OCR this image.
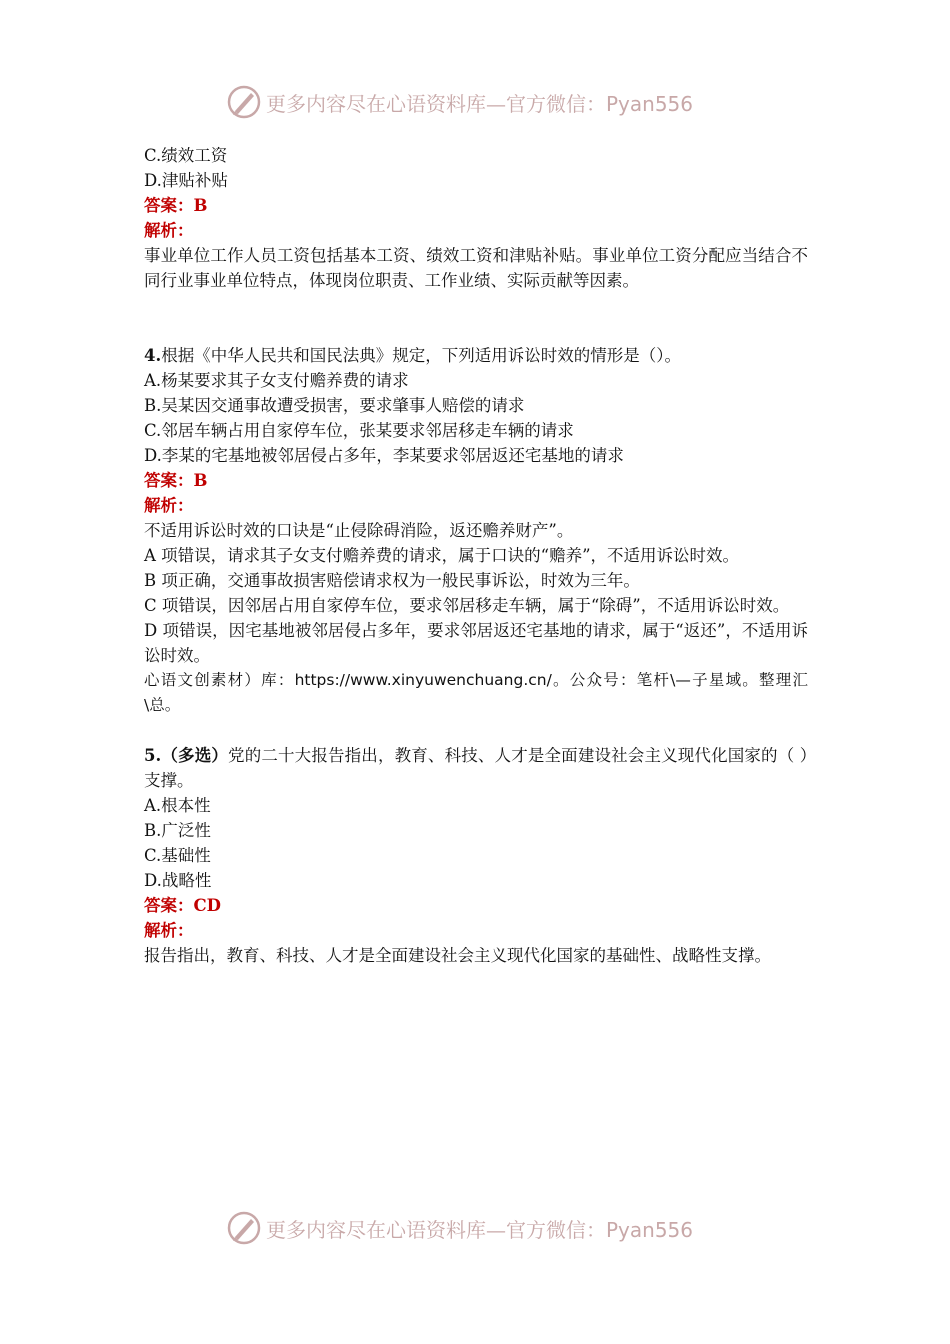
更多内容尽在心语资料库—官方微信：Pyan556
C.绩效工资
D.津贴补贴
答案：B
解析：
事业单位工作人员工资包括基本工资、绩效工资和津贴补贴。事业单位工资分配应当结合不同行业事业单位特点，体现岗位职责、工作业绩、实际贡献等因素。
4.根据《中华人民共和国民法典》规定，下列适用诉讼时效的情形是（）。
A.杨某要求其子女支付赡养费的请求
B.吴某因交通事故遭受损害，要求肇事人赔偿的请求
C.邻居车辆占用自家停车位，张某要求邻居移走车辆的请求
D.李某的宅基地被邻居侵占多年，李某要求邻居返还宅基地的请求
答案：B
解析：
不适用诉讼时效的口诀是“止侵除碍消险，返还赡养财产”。
A 项错误，请求其子女支付赡养费的请求，属于口诀的“赡养”，不适用诉讼时效。
B 项正确，交通事故损害赔偿请求权为一般民事诉讼，时效为三年。
C 项错误，因邻居占用自家停车位，要求邻居移走车辆，属于“除碍”，不适用诉讼时效。
D 项错误，因宅基地被邻居侵占多年，要求邻居返还宅基地的请求，属于“返还”，不适用诉讼时效。
心语文创素材）库：https://www.xinyuwenchuang.cn/。公众号：笔杆\—子星域。整理汇\总。
5.（多选）党的二十大报告指出，教育、科技、人才是全面建设社会主义现代化国家的（ ）支撑。
A.根本性
B.广泛性
C.基础性
D.战略性
答案：CD
解析：
报告指出，教育、科技、人才是全面建设社会主义现代化国家的基础性、战略性支撑。
更多内容尽在心语资料库—官方微信：Pyan556
